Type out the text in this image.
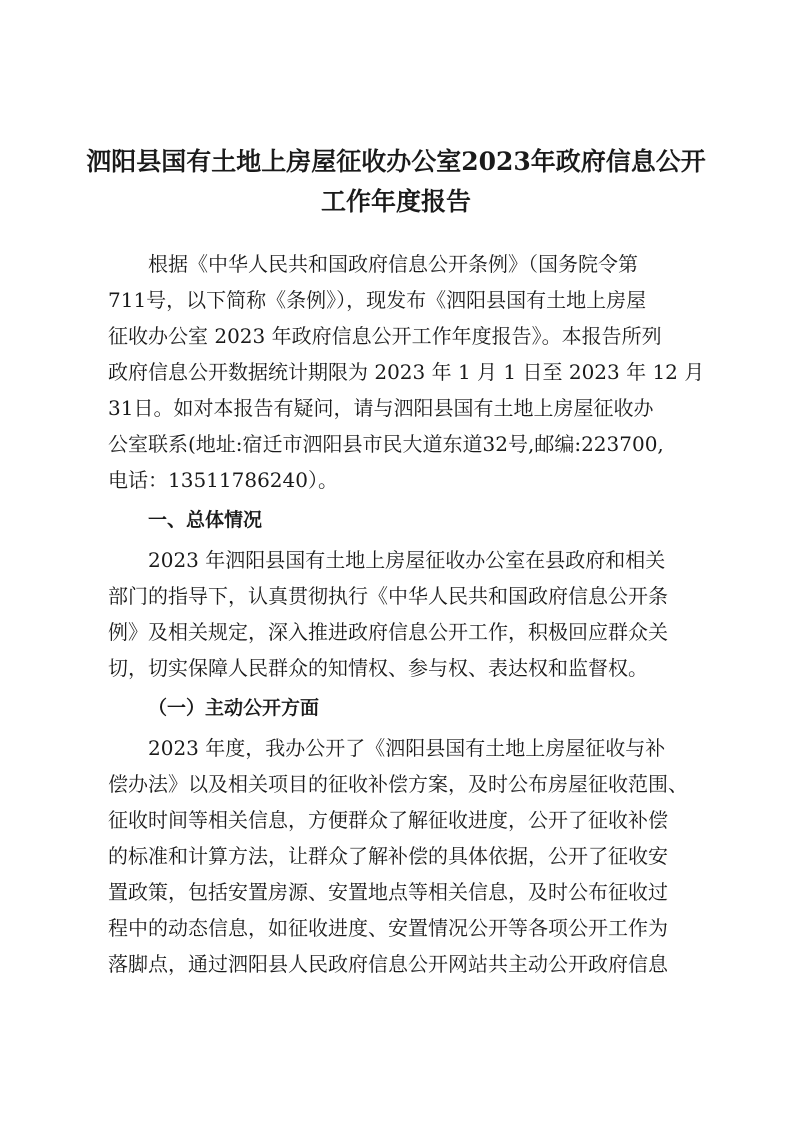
泗阳县国有土地上房屋征收办公室2023年政府信息公开
工作年度报告
根据《中华人民共和国政府信息公开条例》（国务院令第
711号，以下简称《条例》），现发布《泗阳县国有土地上房屋
征收办公室 2023 年政府信息公开工作年度报告》。本报告所列
政府信息公开数据统计期限为 2023 年 1 月 1 日至 2023 年 12 月
31日。如对本报告有疑问，请与泗阳县国有土地上房屋征收办
公室联系(地址:宿迁市泗阳县市民大道东道32号,邮编:223700,
电话：13511786240）。
一、总体情况
2023 年泗阳县国有土地上房屋征收办公室在县政府和相关
部门的指导下，认真贯彻执行《中华人民共和国政府信息公开条
例》及相关规定，深入推进政府信息公开工作，积极回应群众关
切，切实保障人民群众的知情权、参与权、表达权和监督权。
（一）主动公开方面
2023 年度，我办公开了《泗阳县国有土地上房屋征收与补
偿办法》以及相关项目的征收补偿方案，及时公布房屋征收范围、
征收时间等相关信息，方便群众了解征收进度，公开了征收补偿
的标准和计算方法，让群众了解补偿的具体依据，公开了征收安
置政策，包括安置房源、安置地点等相关信息，及时公布征收过
程中的动态信息，如征收进度、安置情况公开等各项公开工作为
落脚点，通过泗阳县人民政府信息公开网站共主动公开政府信息
